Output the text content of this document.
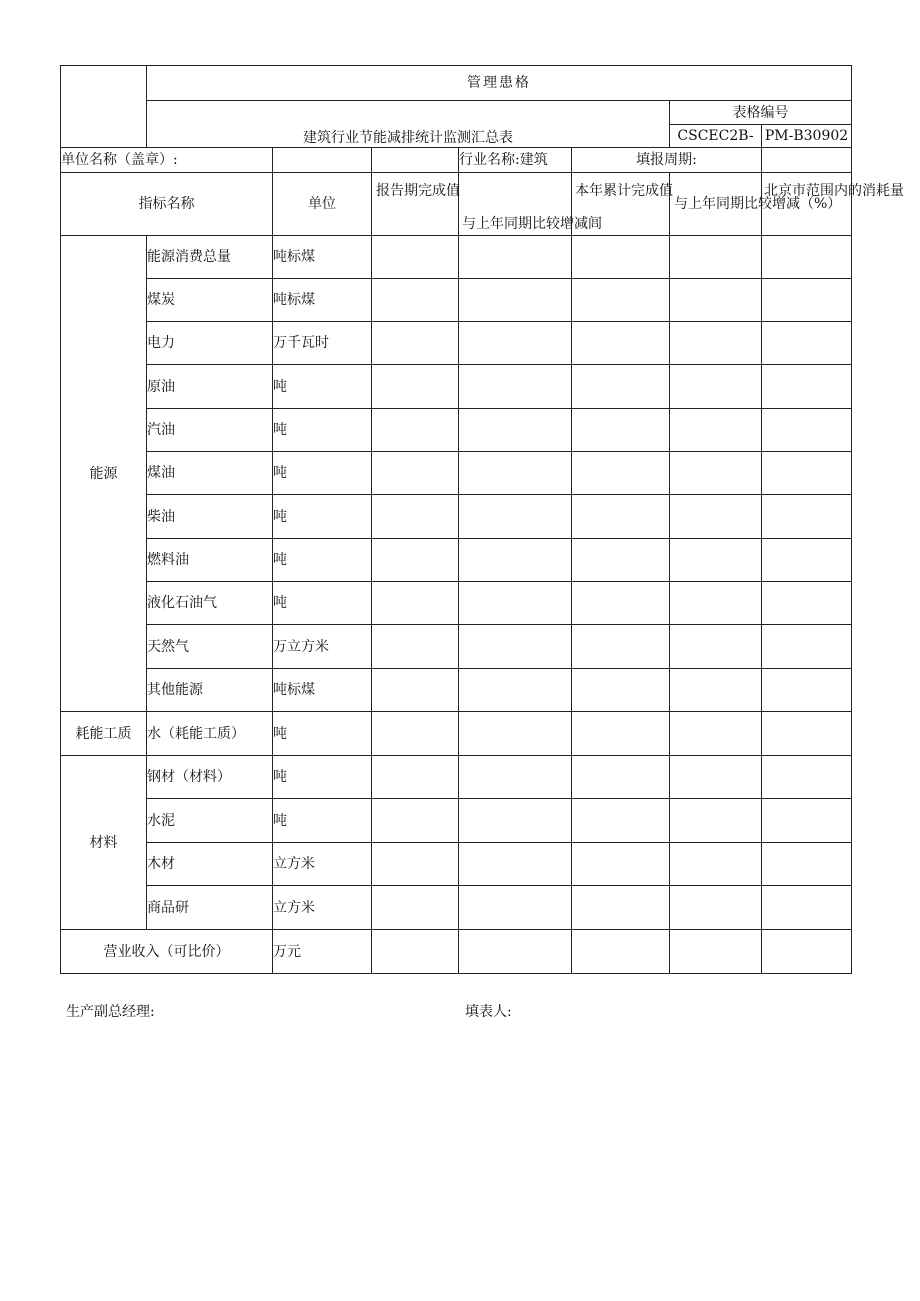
	管理患格						
	建筑行业节能减排统计监测汇总表					表格编号	
						CSCEC2B-	PM-B30902
单位名称（盖章）:				行业名称:建筑	填报周期:		
指标名称		单位	报告期完成值	与上年同期比较增减闾	本年累计完成值	与上年同期比较增减（%）	北京市范围内的消耗量
能源	能源消费总量	吨标煤					
	煤炭	吨标煤					
	电力	万千瓦时					
	原油	吨					
	汽油	吨					
	煤油	吨					
	柴油	吨					
	燃料油	吨					
	液化石油气	吨					
	天然气	万立方米					
	其他能源	吨标煤					
耗能工质	水（耗能工质）	吨					
材料	钢材（材料）	吨					
	水泥	吨					
	木材	立方米					
	商品研	立方米					
营业收入（可比价）		万元					
生产副总经理:	填表人:
